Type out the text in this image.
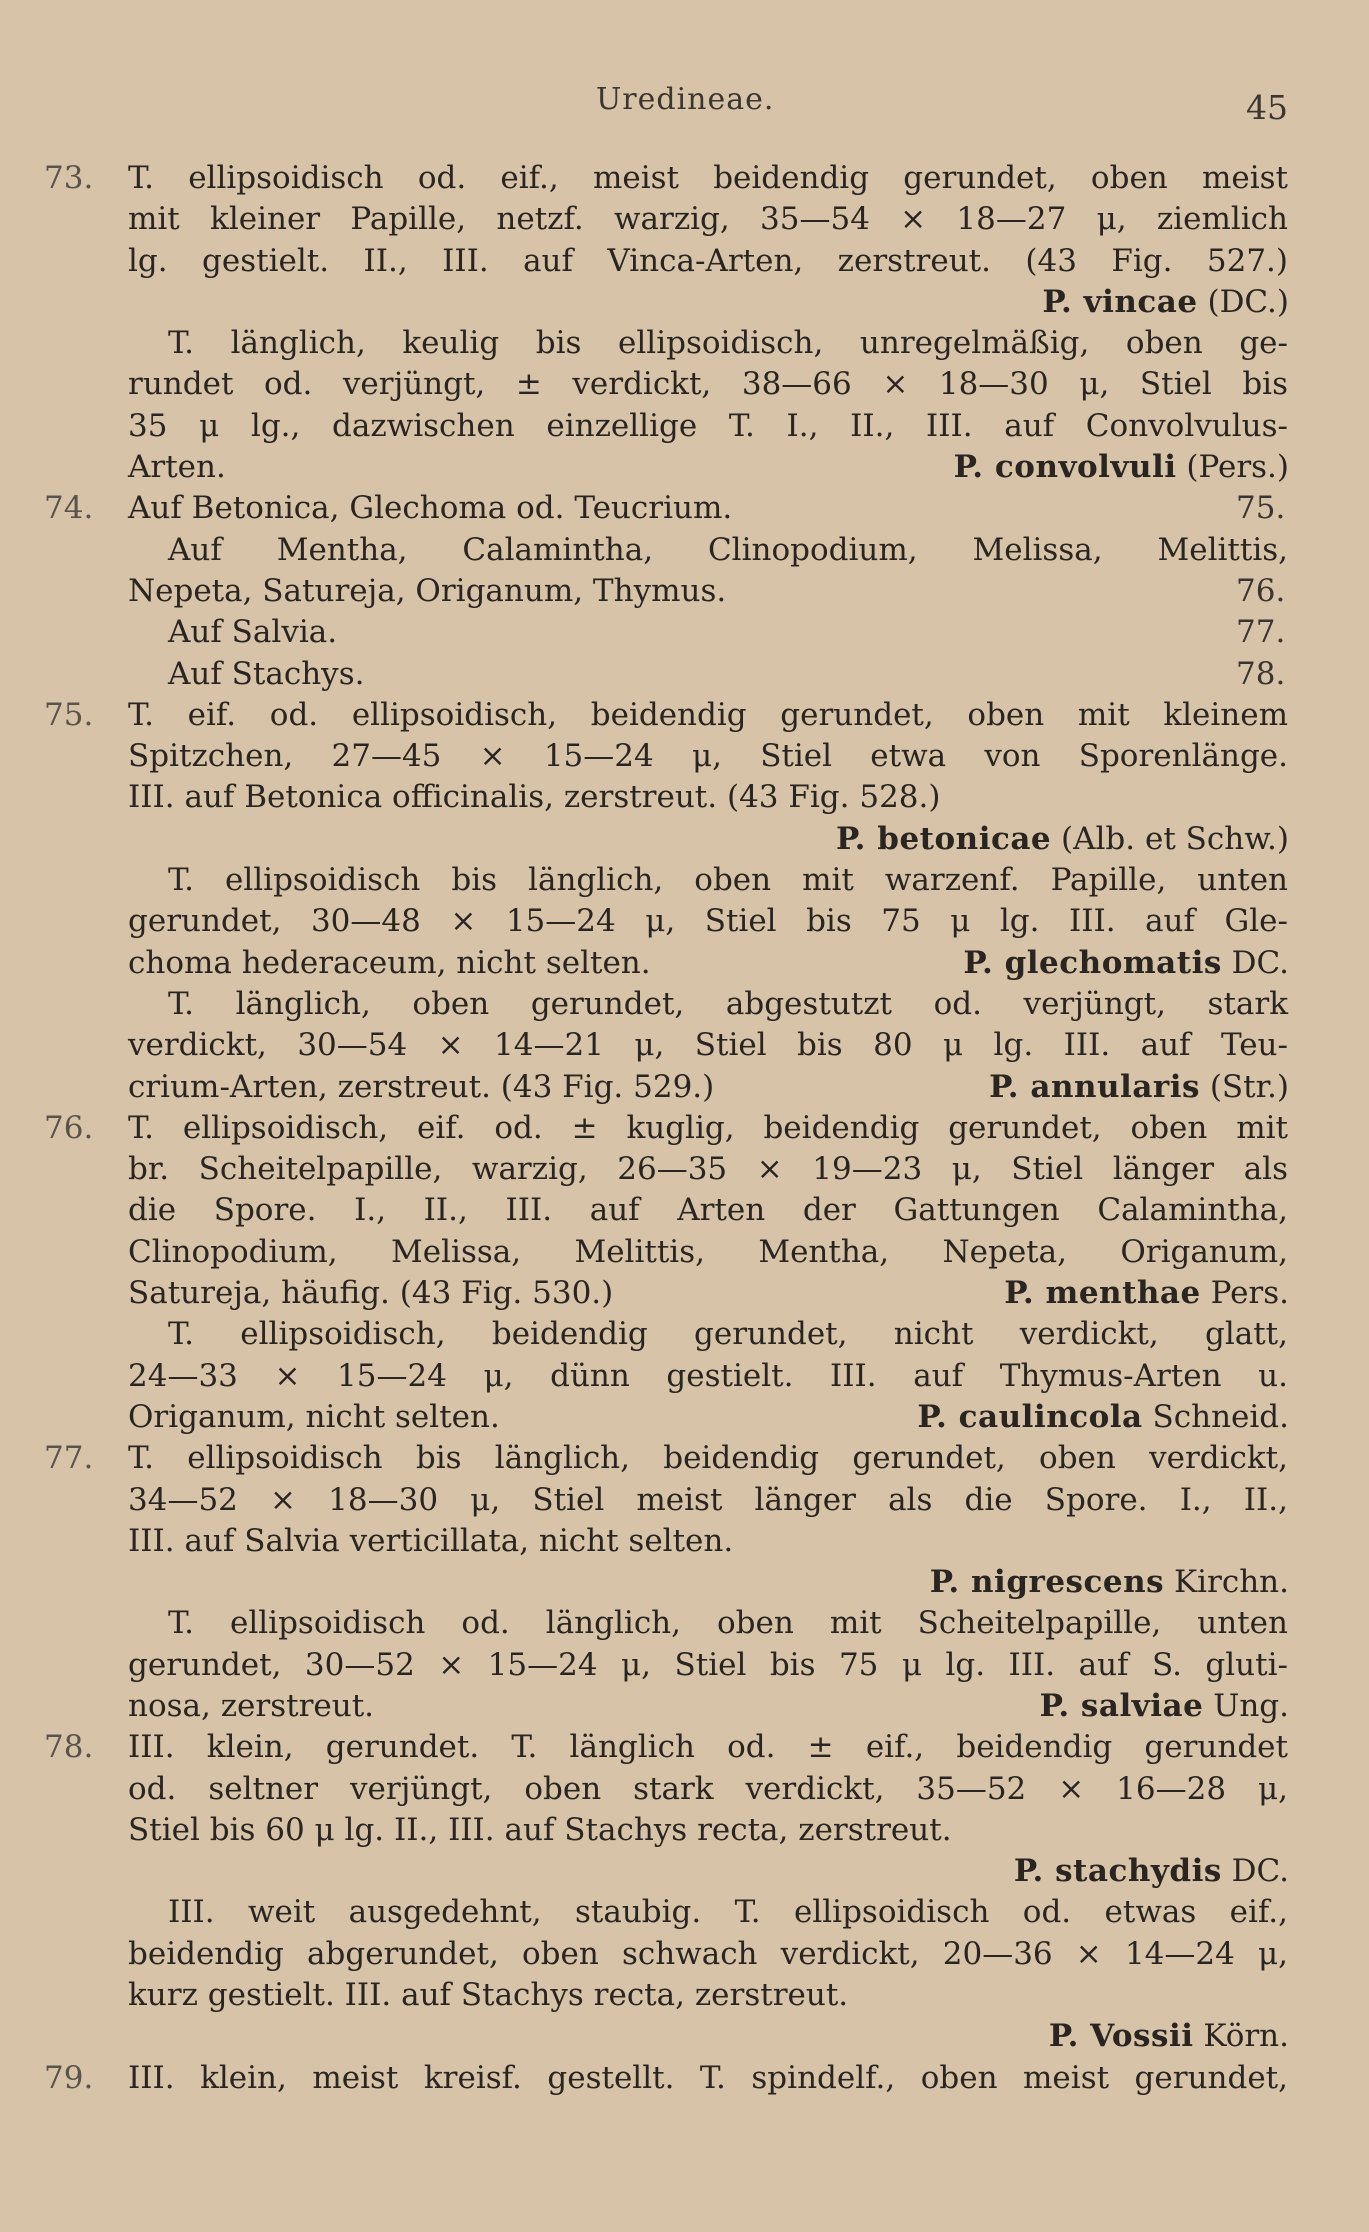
Uredineae.	45
73. T. ellipsoidisch od. eif., meist beidendig gerundet, oben meist
mit kleiner Papille, netzf. warzig, 35—54 × 18—27 μ, ziemlich
lg. gestielt. II., III. auf Vinca-Arten, zerstreut. (43 Fig. 527.)
P. vincae (DC.)
T. länglich, keulig bis ellipsoidisch, unregelmäßig, oben ge-
rundet od. verjüngt, ± verdickt, 38—66 × 18—30 μ, Stiel bis
35 μ lg., dazwischen einzellige T. I., II., III. auf Convolvulus-
Arten.	P. convolvuli (Pers.)
74. Auf Betonica, Glechoma od. Teucrium.	75.
Auf Mentha, Calamintha, Clinopodium, Melissa, Melittis,
Nepeta, Satureja, Origanum, Thymus.	76.
Auf Salvia.	77.
Auf Stachys.	78.
75. T. eif. od. ellipsoidisch, beidendig gerundet, oben mit kleinem
Spitzchen, 27—45 × 15—24 μ, Stiel etwa von Sporenlänge.
III. auf Betonica officinalis, zerstreut. (43 Fig. 528.)
P. betonicae (Alb. et Schw.)
T. ellipsoidisch bis länglich, oben mit warzenf. Papille, unten
gerundet, 30—48 × 15—24 μ, Stiel bis 75 μ lg. III. auf Gle-
choma hederaceum, nicht selten.	P. glechomatis DC.
T. länglich, oben gerundet, abgestutzt od. verjüngt, stark
verdickt, 30—54 × 14—21 μ, Stiel bis 80 μ lg. III. auf Teu-
crium-Arten, zerstreut. (43 Fig. 529.)	P. annularis (Str.)
76. T. ellipsoidisch, eif. od. ± kuglig, beidendig gerundet, oben mit
br. Scheitelpapille, warzig, 26—35 × 19—23 μ, Stiel länger als
die Spore. I., II., III. auf Arten der Gattungen Calamintha,
Clinopodium, Melissa, Melittis, Mentha, Nepeta, Origanum,
Satureja, häufig. (43 Fig. 530.)	P. menthae Pers.
T. ellipsoidisch, beidendig gerundet, nicht verdickt, glatt,
24—33 × 15—24 μ, dünn gestielt. III. auf Thymus-Arten u.
Origanum, nicht selten.	P. caulincola Schneid.
77. T. ellipsoidisch bis länglich, beidendig gerundet, oben verdickt,
34—52 × 18—30 μ, Stiel meist länger als die Spore. I., II.,
III. auf Salvia verticillata, nicht selten.
P. nigrescens Kirchn.
T. ellipsoidisch od. länglich, oben mit Scheitelpapille, unten
gerundet, 30—52 × 15—24 μ, Stiel bis 75 μ lg. III. auf S. gluti-
nosa, zerstreut.	P. salviae Ung.
78. III. klein, gerundet. T. länglich od. ± eif., beidendig gerundet
od. seltner verjüngt, oben stark verdickt, 35—52 × 16—28 μ,
Stiel bis 60 μ lg. II., III. auf Stachys recta, zerstreut.
P. stachydis DC.
III. weit ausgedehnt, staubig. T. ellipsoidisch od. etwas eif.,
beidendig abgerundet, oben schwach verdickt, 20—36 × 14—24 μ,
kurz gestielt. III. auf Stachys recta, zerstreut.
P. Vossii Körn.
79. III. klein, meist kreisf. gestellt. T. spindelf., oben meist gerundet,
